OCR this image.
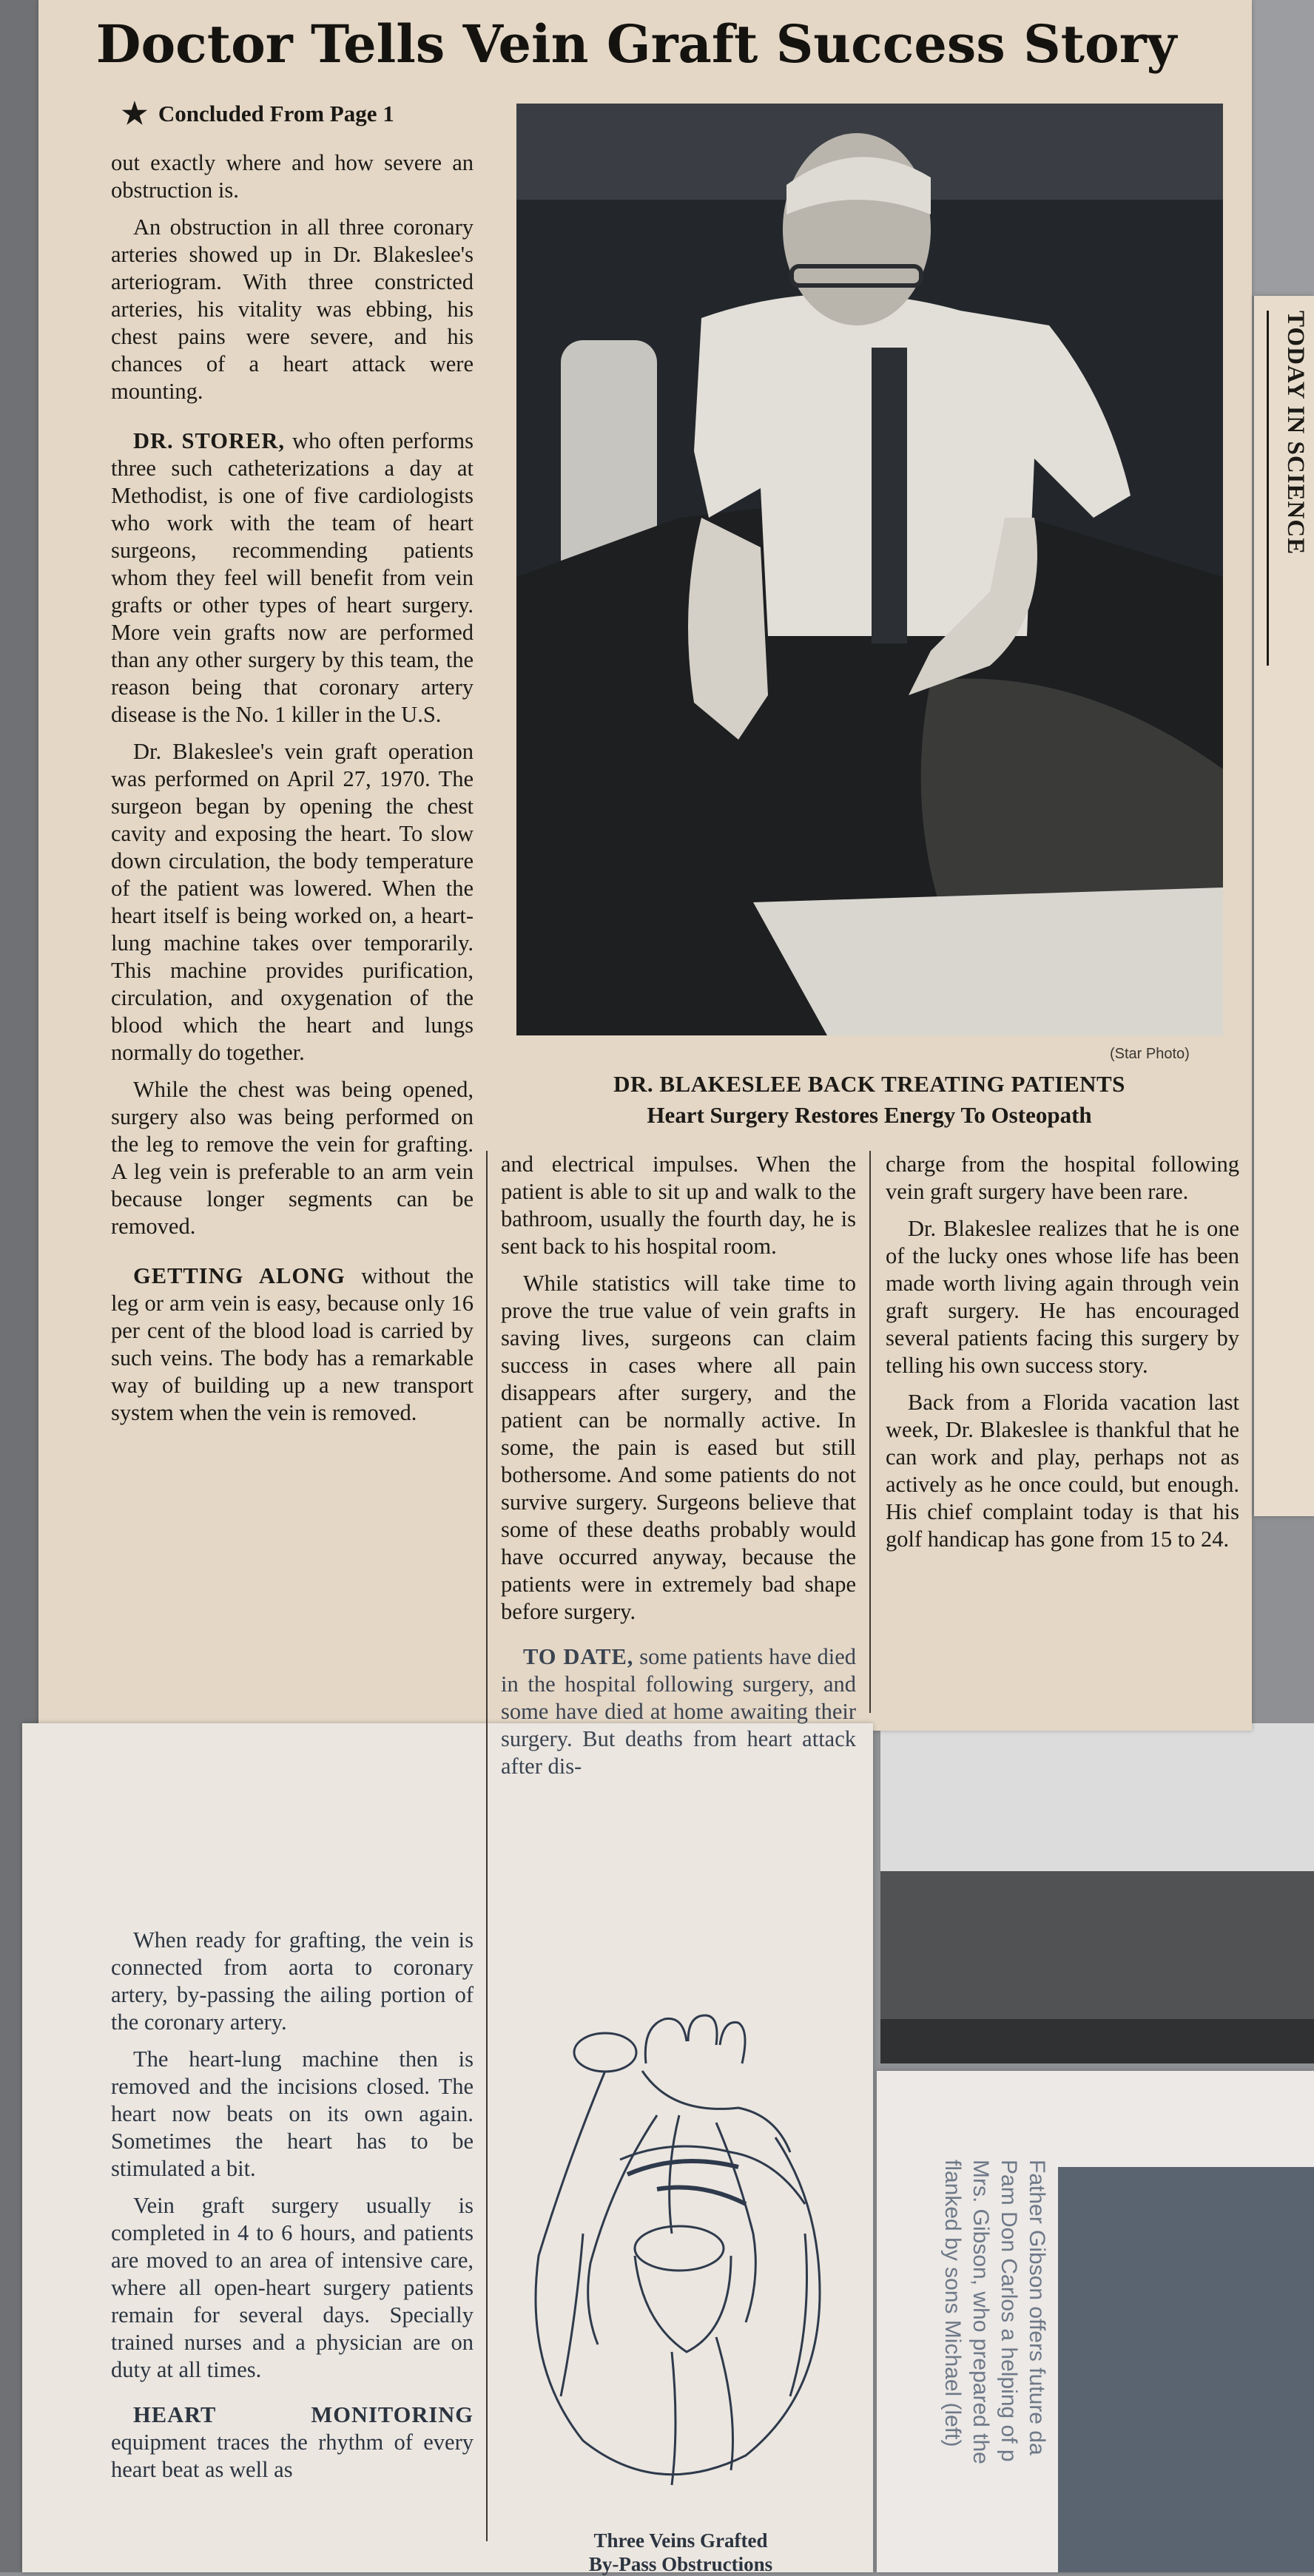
Doctor Tells Vein Graft Success Story
★ Concluded From Page 1
(Star Photo)
DR. BLAKESLEE BACK TREATING PATIENTS
Heart Surgery Restores Energy To Osteopath
TODAY IN SCIENCE

out exactly where and how severe an obstruction is.

An obstruction in all three coronary arteries showed up in Dr. Blakeslee's arteriogram. With three constricted arteries, his vitality was ebbing, his chest pains were severe, and his chances of a heart attack were mounting.

DR. STORER, who often performs three such catheterizations a day at Methodist, is one of five cardiologists who work with the team of heart surgeons, recommending patients whom they feel will benefit from vein grafts or other types of heart surgery. More vein grafts now are performed than any other surgery by this team, the reason being that coronary artery disease is the No. 1 killer in the U.S.

Dr. Blakeslee's vein graft operation was performed on April 27, 1970. The surgeon began by opening the chest cavity and exposing the heart. To slow down circulation, the body temperature of the patient was lowered. When the heart itself is being worked on, a heart-lung machine takes over temporarily. This machine provides purification, circulation, and oxygenation of the blood which the heart and lungs normally do together.

While the chest was being opened, surgery also was being performed on the leg to remove the vein for grafting. A leg vein is preferable to an arm vein because longer segments can be removed.

GETTING ALONG without the leg or arm vein is easy, because only 16 per cent of the blood load is carried by such veins. The body has a remarkable way of building up a new transport system when the vein is removed.

When ready for grafting, the vein is connected from aorta to coronary artery, by-passing the ailing portion of the coronary artery.

The heart-lung machine then is removed and the incisions closed. The heart now beats on its own again. Sometimes the heart has to be stimulated a bit.

Vein graft surgery usually is completed in 4 to 6 hours, and patients are moved to an area of intensive care, where all open-heart surgery patients remain for several days. Specially trained nurses and a physician are on duty at all times.

HEART MONITORING equipment traces the rhythm of every heart beat as well as

and electrical impulses. When the patient is able to sit up and walk to the bathroom, usually the fourth day, he is sent back to his hospital room.

While statistics will take time to prove the true value of vein grafts in saving lives, surgeons can claim success in cases where all pain disappears after surgery, and the patient can be normally active. In some, the pain is eased but still bothersome. And some patients do not survive surgery. Surgeons believe that some of these deaths probably would have occurred anyway, because the patients were in extremely bad shape before surgery.

TO DATE, some patients have died in the hospital following surgery, and some have died at home awaiting their surgery. But deaths from heart attack after dis-

charge from the hospital following vein graft surgery have been rare.

Dr. Blakeslee realizes that he is one of the lucky ones whose life has been made worth living again through vein graft surgery. He has encouraged several patients facing this surgery by telling his own success story.

Back from a Florida vacation last week, Dr. Blakeslee is thankful that he can work and play, perhaps not as actively as he once could, but enough. His chief complaint today is that his golf handicap has gone from 15 to 24.

Three Veins Grafted
By-Pass Obstructions
Father Gibson offers future da
Pam Don Carlos a helping of p
Mrs. Gibson, who prepared the
flanked by sons Michael (left)
